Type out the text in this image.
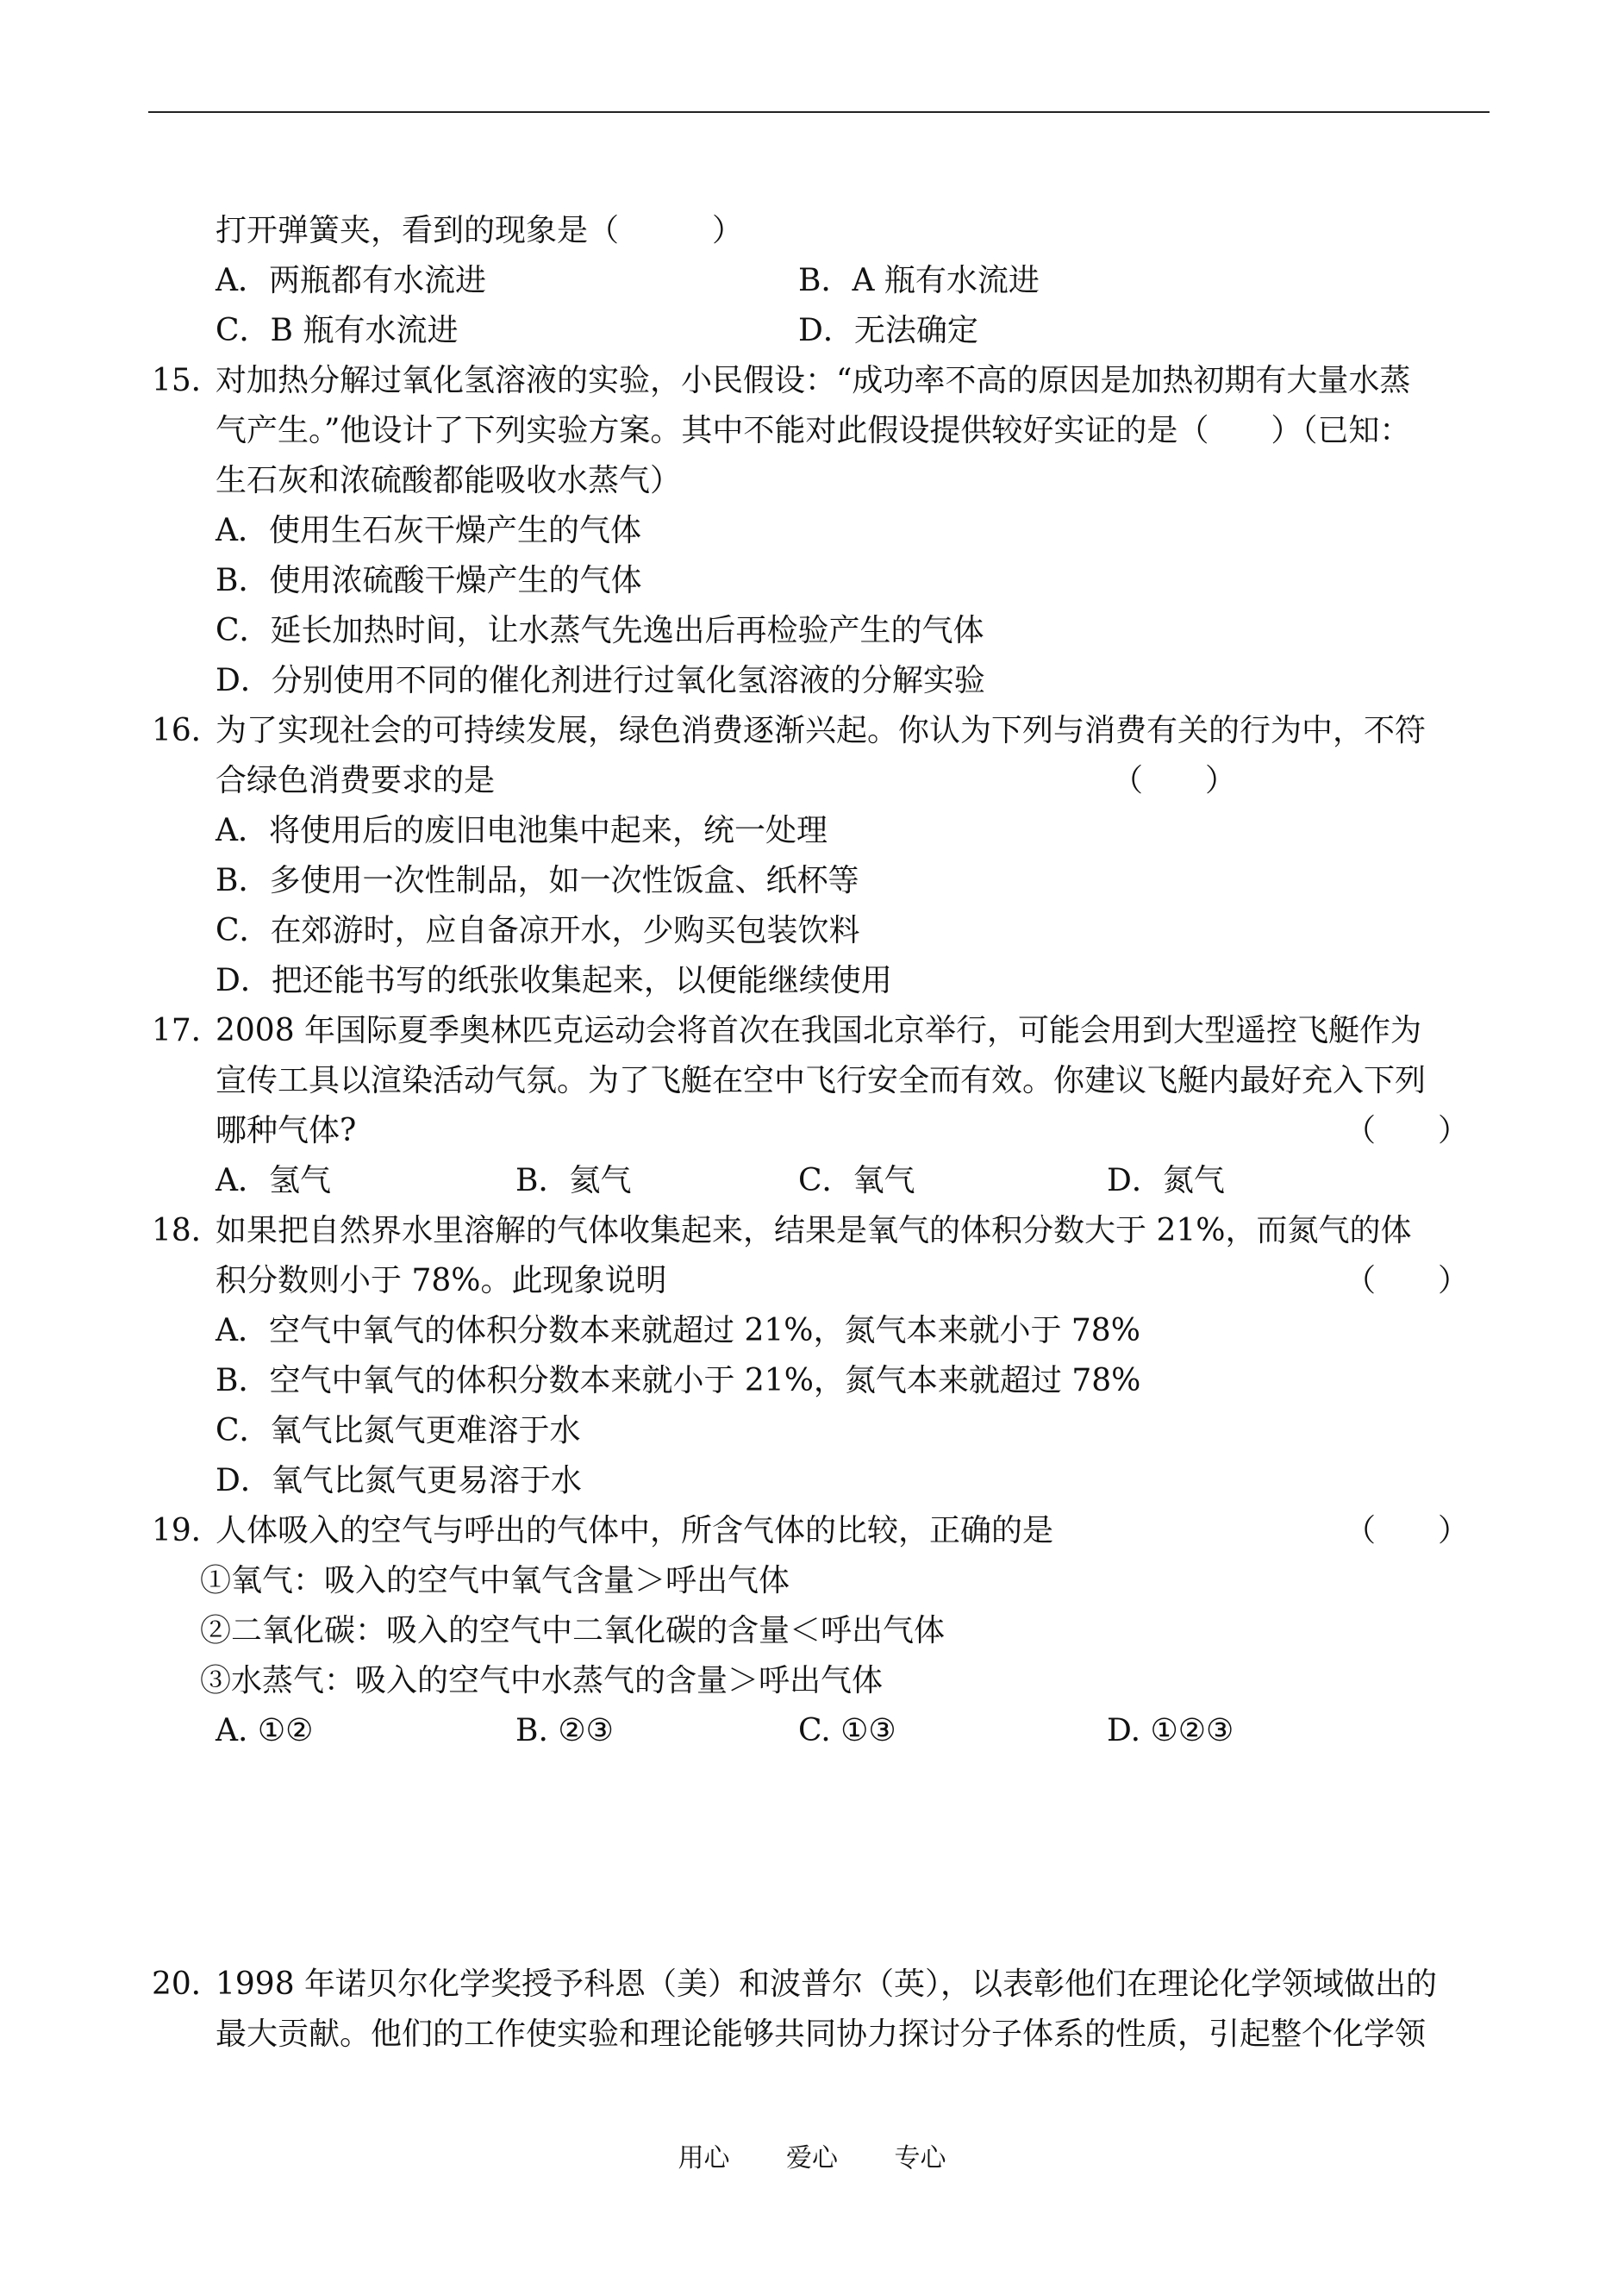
打开弹簧夹，看到的现象是（　　　）
A．两瓶都有水流进	B．A 瓶有水流进
C．B 瓶有水流进	D．无法确定
15．
对加热分解过氧化氢溶液的实验，小民假设：“成功率不高的原因是加热初期有大量水蒸
气产生。”他设计了下列实验方案。其中不能对此假设提供较好实证的是（　　）（已知：
生石灰和浓硫酸都能吸收水蒸气）
A．使用生石灰干燥产生的气体
B．使用浓硫酸干燥产生的气体
C．延长加热时间，让水蒸气先逸出后再检验产生的气体
D．分别使用不同的催化剂进行过氧化氢溶液的分解实验
16．
为了实现社会的可持续发展，绿色消费逐渐兴起。你认为下列与消费有关的行为中，不符
合绿色消费要求的是	（　　）
A．将使用后的废旧电池集中起来，统一处理
B．多使用一次性制品，如一次性饭盒、纸杯等
C．在郊游时，应自备凉开水，少购买包装饮料
D．把还能书写的纸张收集起来，以便能继续使用
17．
2008 年国际夏季奥林匹克运动会将首次在我国北京举行，可能会用到大型遥控飞艇作为
宣传工具以渲染活动气氛。为了飞艇在空中飞行安全而有效。你建议飞艇内最好充入下列
哪种气体?	（　　）
A．氢气	B．氦气	C．氧气	D．氮气
18．
如果把自然界水里溶解的气体收集起来，结果是氧气的体积分数大于 21%，而氮气的体
积分数则小于 78%。此现象说明	（　　）
A．空气中氧气的体积分数本来就超过 21%，氮气本来就小于 78%
B．空气中氧气的体积分数本来就小于 21%，氮气本来就超过 78%
C．氧气比氮气更难溶于水
D．氧气比氮气更易溶于水
19．
人体吸入的空气与呼出的气体中，所含气体的比较，正确的是	（　　）
①氧气：吸入的空气中氧气含量＞呼出气体
②二氧化碳：吸入的空气中二氧化碳的含量＜呼出气体
③水蒸气：吸入的空气中水蒸气的含量＞呼出气体
A. ①②	B. ②③	C. ①③	D. ①②③
20．
1998 年诺贝尔化学奖授予科恩（美）和波普尔（英），以表彰他们在理论化学领域做出的
最大贡献。他们的工作使实验和理论能够共同协力探讨分子体系的性质，引起整个化学领
用心 爱心 专心
